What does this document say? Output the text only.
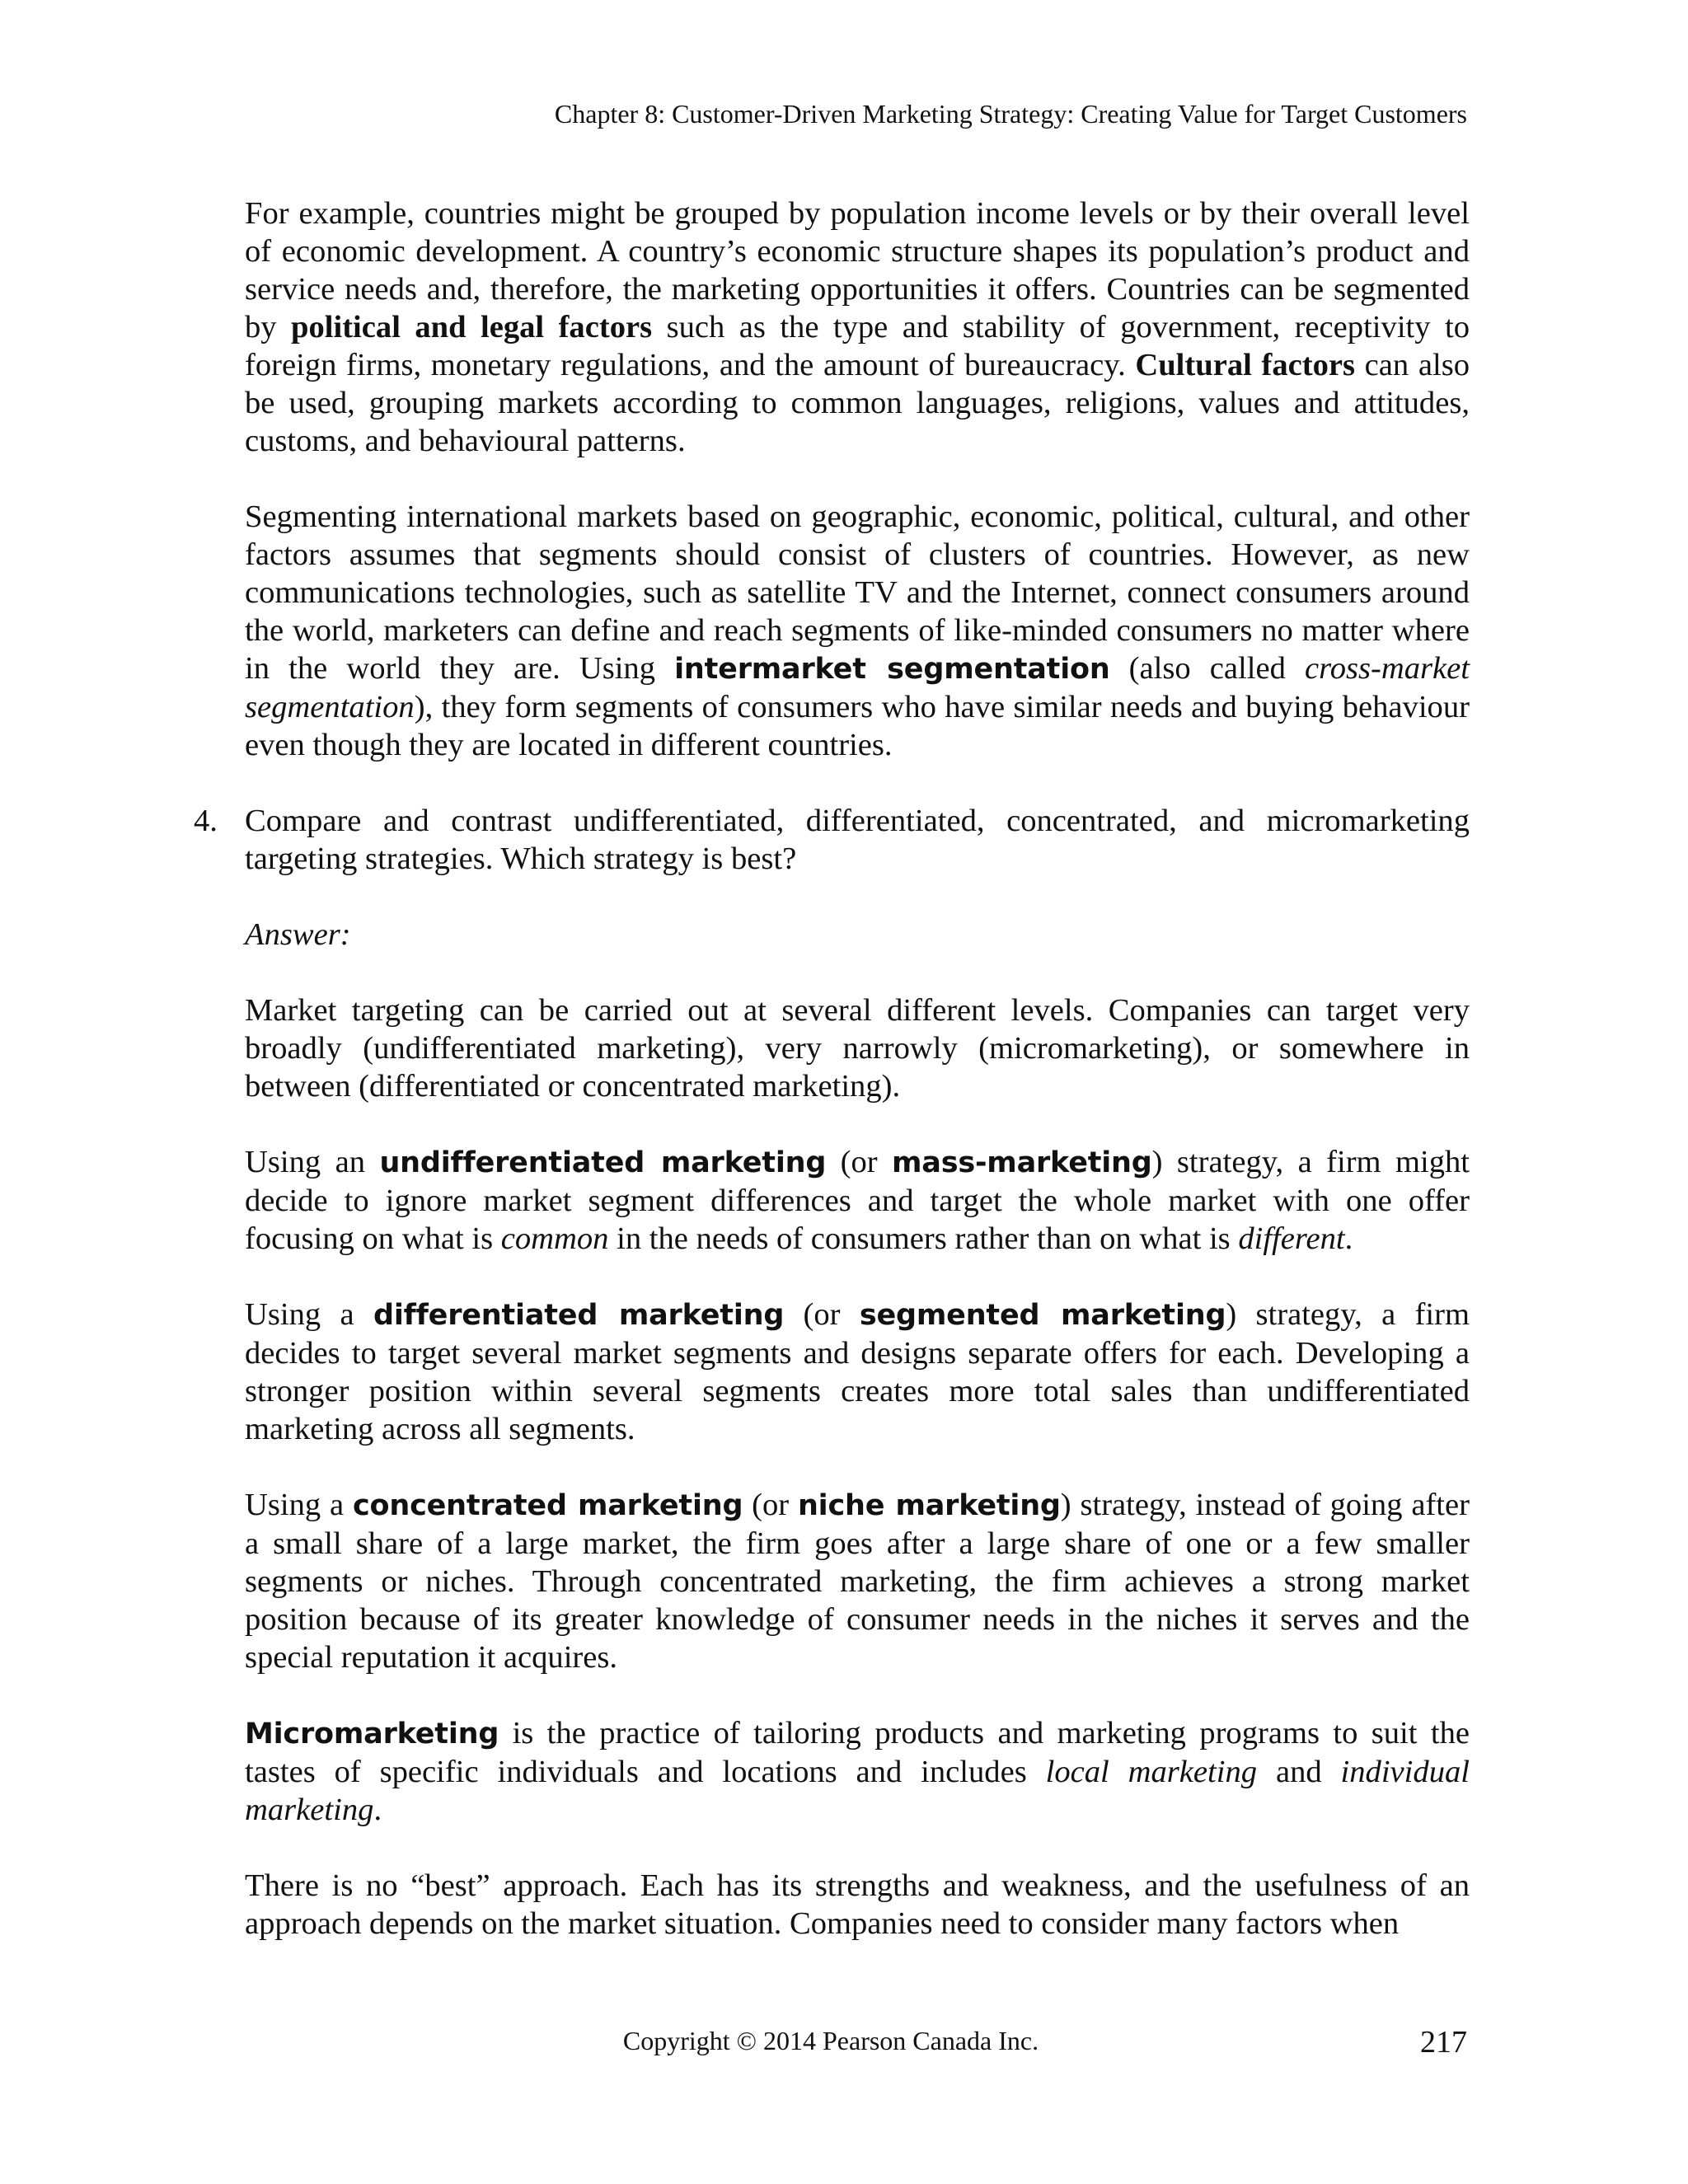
Chapter 8: Customer-Driven Marketing Strategy: Creating Value for Target Customers

For example, countries might be grouped by population income levels or by their overall level of economic development. A country’s economic structure shapes its population’s product and service needs and, therefore, the marketing opportunities it offers. Countries can be segmented by political and legal factors such as the type and stability of government, receptivity to foreign firms, monetary regulations, and the amount of bureaucracy. Cultural factors can also be used, grouping markets according to common languages, religions, values and attitudes, customs, and behavioural patterns.

Segmenting international markets based on geographic, economic, political, cultural, and other factors assumes that segments should consist of clusters of countries. However, as new communications technologies, such as satellite TV and the Internet, connect consumers around the world, marketers can define and reach segments of like-minded consumers no matter where in the world they are. Using intermarket segmentation (also called cross-market segmentation), they form segments of consumers who have similar needs and buying behaviour even though they are located in different countries.

4. Compare and contrast undifferentiated, differentiated, concentrated, and micromarketing targeting strategies. Which strategy is best?

Answer:

Market targeting can be carried out at several different levels. Companies can target very broadly (undifferentiated marketing), very narrowly (micromarketing), or somewhere in between (differentiated or concentrated marketing).

Using an undifferentiated marketing (or mass-marketing) strategy, a firm might decide to ignore market segment differences and target the whole market with one offer focusing on what is common in the needs of consumers rather than on what is different.

Using a differentiated marketing (or segmented marketing) strategy, a firm decides to target several market segments and designs separate offers for each. Developing a stronger position within several segments creates more total sales than undifferentiated marketing across all segments.

Using a concentrated marketing (or niche marketing) strategy, instead of going after a small share of a large market, the firm goes after a large share of one or a few smaller segments or niches. Through concentrated marketing, the firm achieves a strong market position because of its greater knowledge of consumer needs in the niches it serves and the special reputation it acquires.

Micromarketing is the practice of tailoring products and marketing programs to suit the tastes of specific individuals and locations and includes local marketing and individual marketing.

There is no “best” approach. Each has its strengths and weakness, and the usefulness of an approach depends on the market situation. Companies need to consider many factors when

Copyright © 2014 Pearson Canada Inc.	217
